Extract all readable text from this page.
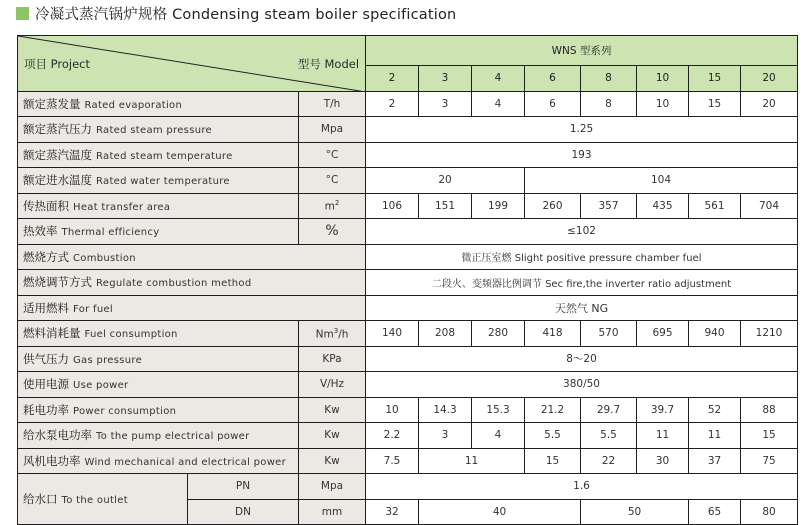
冷凝式蒸汽锅炉规格 Condensing steam boiler specification
项目 Project 型号 Model			WNS 型系列							
			2	3	4	6	8	10	15	20
额定蒸发量 Rated evaporation		T/h	2	3	4	6	8	10	15	20
额定蒸汽压力 Rated steam pressure		Mpa	1.25							
额定蒸汽温度 Rated steam temperature		°C	193							
额定进水温度 Rated water temperature		°C	20			104				
传热面积 Heat transfer area		$m^2$	106	151	199	260	357	435	561	704
热效率 Thermal efficiency		%	≤102							
燃烧方式 Combustion			微正压室燃 Slight positive pressure chamber fuel							
燃烧调节方式 Regulate combustion method			二段火、变频器比例调节 Sec fire,the inverter ratio adjustment							
适用燃料 For fuel			天然气 NG							
燃料消耗量 Fuel consumption		Nm$^3$/h	140	208	280	418	570	695	940	1210
供气压力 Gas pressure		KPa	8～20							
使用电源 Use power		V/Hz	380/50							
耗电功率 Power consumption		Kw	10	14.3	15.3	21.2	29.7	39.7	52	88
给水泵电功率 To the pump electrical power		Kw	2.2	3	4	5.5	5.5	11	11	15
风机电功率 Wind mechanical and electrical power		Kw	7.5	11		15	22	30	37	75
给水口 To the outlet	PN	Mpa	1.6							
	DN	mm	32	40			50		65	80
